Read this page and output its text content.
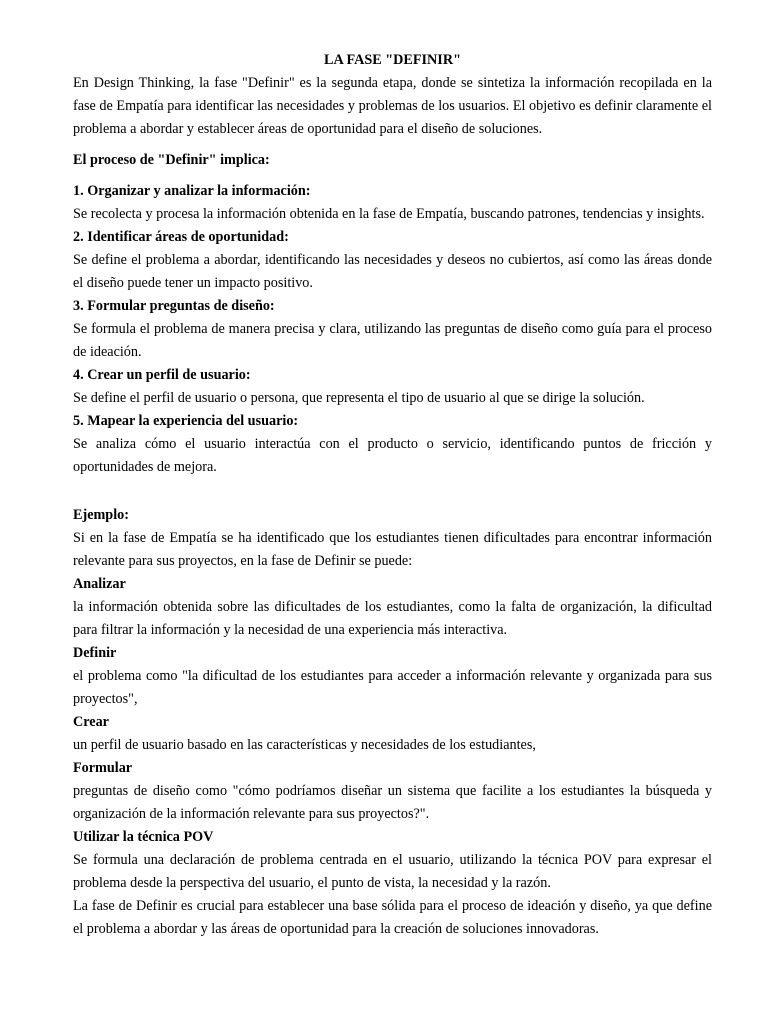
LA FASE "DEFINIR"

En Design Thinking, la fase "Definir" es la segunda etapa, donde se sintetiza la información recopilada en la fase de Empatía para identificar las necesidades y problemas de los usuarios. El objetivo es definir claramente el problema a abordar y establecer áreas de oportunidad para el diseño de soluciones.

El proceso de "Definir" implica:

1. Organizar y analizar la información:

Se recolecta y procesa la información obtenida en la fase de Empatía, buscando patrones, tendencias y insights.

2. Identificar áreas de oportunidad:

Se define el problema a abordar, identificando las necesidades y deseos no cubiertos, así como las áreas donde el diseño puede tener un impacto positivo.

3. Formular preguntas de diseño:

Se formula el problema de manera precisa y clara, utilizando las preguntas de diseño como guía para el proceso de ideación.

4. Crear un perfil de usuario:

Se define el perfil de usuario o persona, que representa el tipo de usuario al que se dirige la solución.

5. Mapear la experiencia del usuario:

Se analiza cómo el usuario interactúa con el producto o servicio, identificando puntos de fricción y oportunidades de mejora.

Ejemplo:

Si en la fase de Empatía se ha identificado que los estudiantes tienen dificultades para encontrar información relevante para sus proyectos, en la fase de Definir se puede:

Analizar

la información obtenida sobre las dificultades de los estudiantes, como la falta de organización, la dificultad para filtrar la información y la necesidad de una experiencia más interactiva.

Definir

el problema como "la dificultad de los estudiantes para acceder a información relevante y organizada para sus proyectos",

Crear

un perfil de usuario basado en las características y necesidades de los estudiantes,

Formular

preguntas de diseño como "cómo podríamos diseñar un sistema que facilite a los estudiantes la búsqueda y organización de la información relevante para sus proyectos?".

Utilizar la técnica POV

Se formula una declaración de problema centrada en el usuario, utilizando la técnica POV para expresar el problema desde la perspectiva del usuario, el punto de vista, la necesidad y la razón.

La fase de Definir es crucial para establecer una base sólida para el proceso de ideación y diseño, ya que define el problema a abordar y las áreas de oportunidad para la creación de soluciones innovadoras.
